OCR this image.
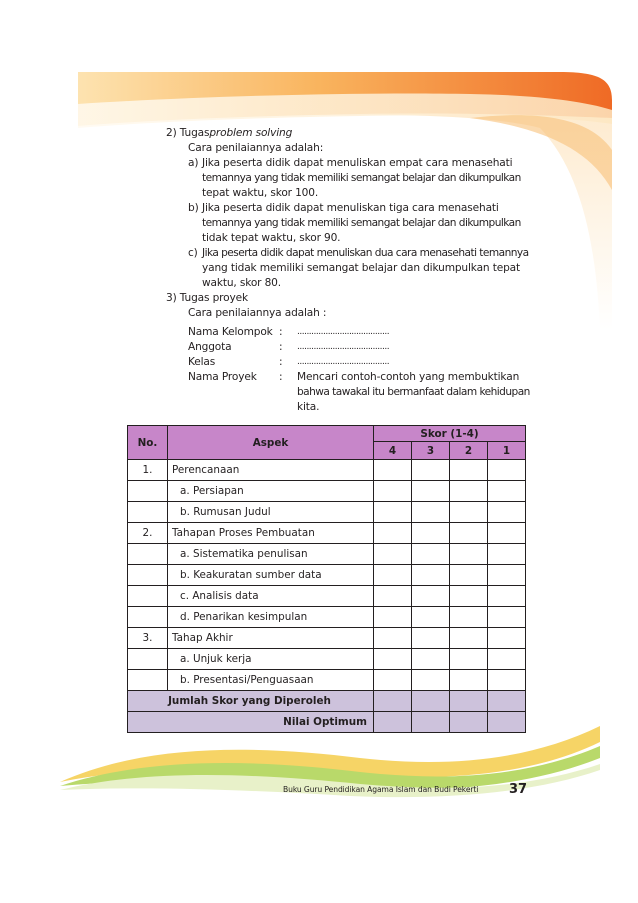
2) Tugasproblem solving
Cara penilaiannya adalah:
a) Jika peserta didik dapat menuliskan empat cara menasehati
temannya yang tidak memiliki semangat belajar dan dikumpulkan
tepat waktu, skor 100.
b) Jika peserta didik dapat menuliskan tiga cara menasehati
temannya yang tidak memiliki semangat belajar dan dikumpulkan
tidak tepat waktu, skor 90.
c) Jika peserta didik dapat menuliskan dua cara menasehati temannya
yang tidak memiliki semangat belajar dan dikumpulkan tepat
waktu, skor 80.
3) Tugas proyek
Cara penilaiannya adalah :
Nama Kelompok : .......................................
Anggota	: .......................................
Kelas	: .......................................
Nama Proyek : Mencari contoh-contoh yang membuktikan
bahwa tawakal itu bermanfaat dalam kehidupan
kita.
No.	Aspek	Skor (1-4)			
		4	3	2	1
1.	Perencanaan				
	a. Persiapan				
	b. Rumusan Judul				
2.	Tahapan Proses Pembuatan				
	a. Sistematika penulisan				
	b. Keakuratan sumber data				
	c. Analisis data				
	d. Penarikan kesimpulan				
3.	Tahap Akhir				
	a. Unjuk kerja				
	b. Presentasi/Penguasaan				
Jumlah Skor yang Diperoleh					
Nilai Optimum					
Buku Guru Pendidikan Agama Islam dan Budi Pekerti 37
